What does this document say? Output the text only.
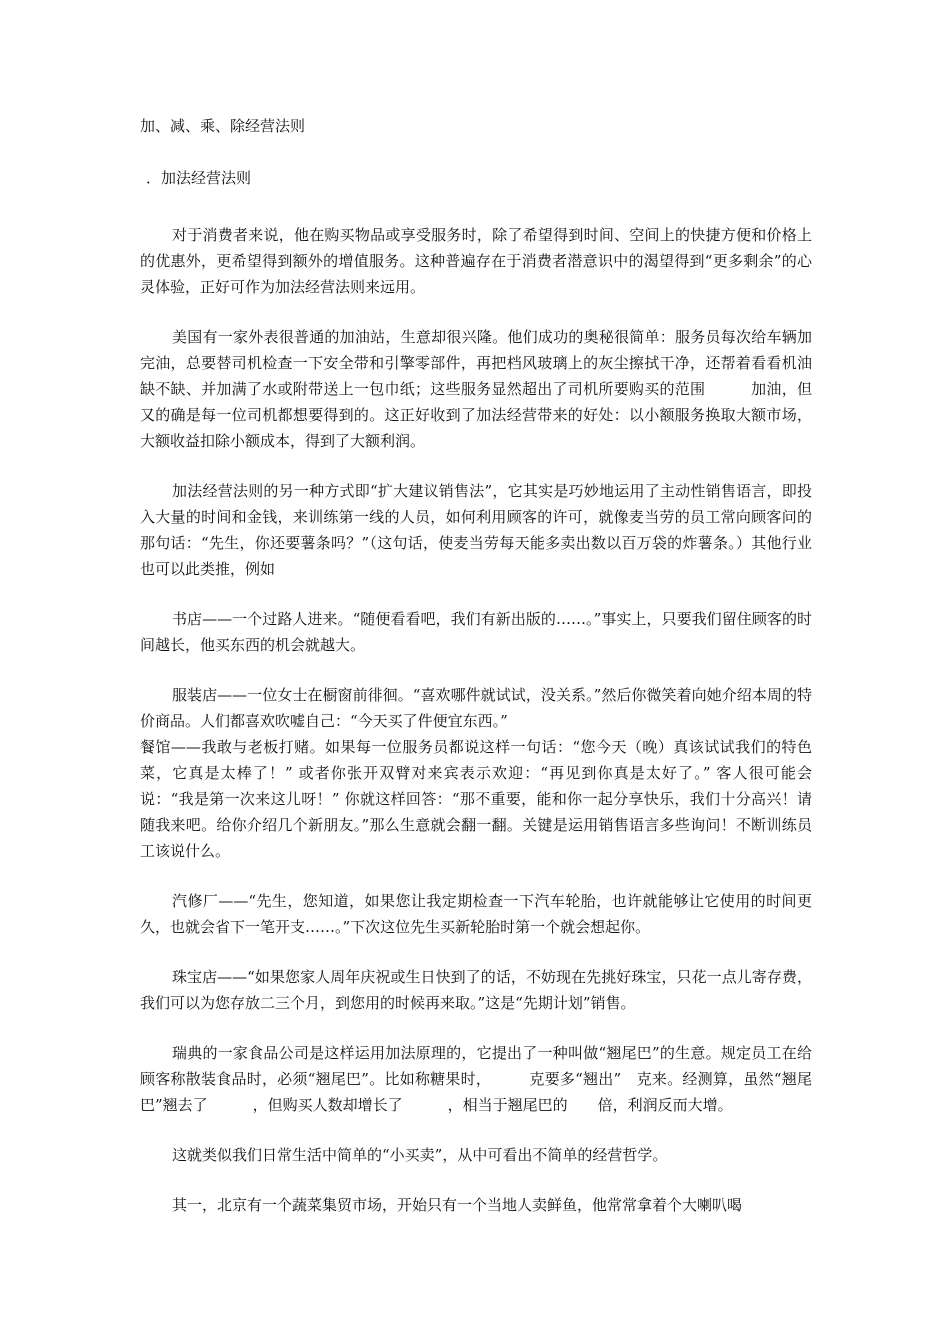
加、减、乘、除经营法则
．加法经营法则

对于消费者来说，他在购买物品或享受服务时，除了希望得到时间、空间上的快捷方便和价格上的优惠外，更希望得到额外的增值服务。这种普遍存在于消费者潜意识中的渴望得到“更多剩余”的心灵体验，正好可作为加法经营法则来远用。

美国有一家外表很普通的加油站，生意却很兴隆。他们成功的奥秘很简单：服务员每次给车辆加完油，总要替司机检查一下安全带和引擎零部件，再把档风玻璃上的灰尘擦拭干净，还帮着看看机油缺不缺、并加满了水或附带送上一包巾纸；这些服务显然超出了司机所要购买的范围　　　加油，但又的确是每一位司机都想要得到的。这正好收到了加法经营带来的好处：以小额服务换取大额市场，大额收益扣除小额成本，得到了大额利润。

加法经营法则的另一种方式即“扩大建议销售法”，它其实是巧妙地运用了主动性销售语言，即投入大量的时间和金钱，来训练第一线的人员，如何利用顾客的许可，就像麦当劳的员工常向顾客问的那句话：“先生，你还要薯条吗？”（这句话，使麦当劳每天能多卖出数以百万袋的炸薯条。）其他行业也可以此类推，例如

书店——一个过路人进来。“随便看看吧，我们有新出版的……。”事实上，只要我们留住顾客的时间越长，他买东西的机会就越大。

服装店——一位女士在橱窗前徘徊。“喜欢哪件就试试，没关系。”然后你微笑着向她介绍本周的特价商品。人们都喜欢吹嘘自己：“今天买了件便宜东西。”

餐馆——我敢与老板打赌。如果每一位服务员都说这样一句话：“您今天（晚）真该试试我们的特色菜，它真是太棒了！” 或者你张开双臂对来宾表示欢迎：“再见到你真是太好了。” 客人很可能会说：“我是第一次来这儿呀！” 你就这样回答：“那不重要，能和你一起分享快乐，我们十分高兴！请随我来吧。给你介绍几个新朋友。”那么生意就会翻一翻。关键是运用销售语言多些询问！不断训练员工该说什么。

汽修厂——“先生，您知道，如果您让我定期检查一下汽车轮胎，也许就能够让它使用的时间更久，也就会省下一笔开支……。”下次这位先生买新轮胎时第一个就会想起你。

珠宝店——“如果您家人周年庆祝或生日快到了的话，不妨现在先挑好珠宝，只花一点儿寄存费，我们可以为您存放二三个月，到您用的时候再来取。”这是“先期计划”销售。

瑞典的一家食品公司是这样运用加法原理的，它提出了一种叫做“翘尾巴”的生意。规定员工在给顾客称散装食品时，必须“翘尾巴”。比如称糖果时，　　　克要多“翘出”　克来。经测算，虽然“翘尾巴”翘去了　　　，但购买人数却增长了　　　，相当于翘尾巴的　　倍，利润反而大增。

这就类似我们日常生活中简单的“小买卖”，从中可看出不简单的经营哲学。

其一，北京有一个蔬菜集贸市场，开始只有一个当地人卖鲜鱼，他常常拿着个大喇叭喝
